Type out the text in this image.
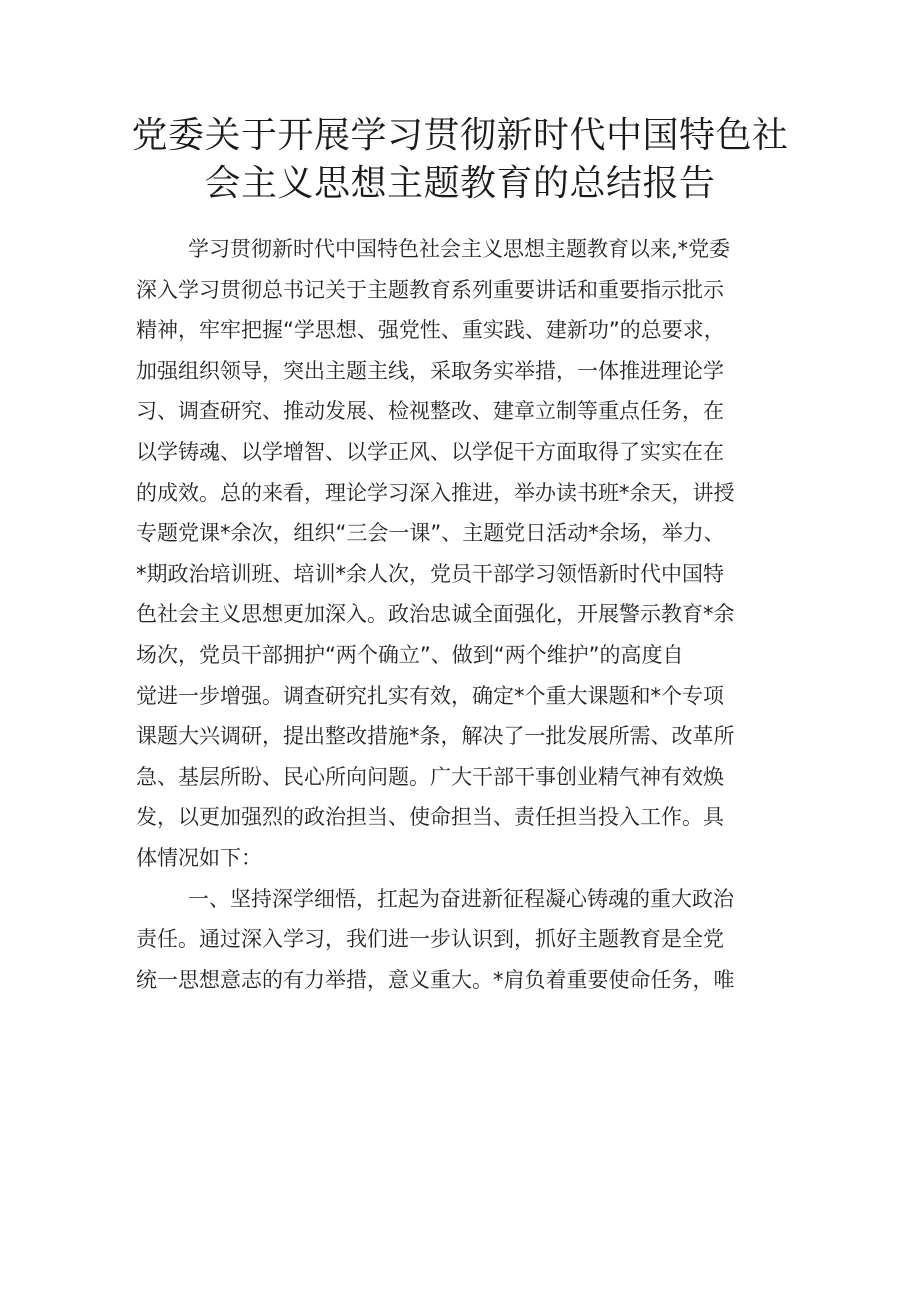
党委关于开展学习贯彻新时代中国特色社
会主义思想主题教育的总结报告
学习贯彻新时代中国特色社会主义思想主题教育以来,*党委
深入学习贯彻总书记关于主题教育系列重要讲话和重要指示批示
精神，牢牢把握“学思想、强党性、重实践、建新功”的总要求，
加强组织领导，突出主题主线，采取务实举措，一体推进理论学
习、调查研究、推动发展、检视整改、建章立制等重点任务，在
以学铸魂、以学增智、以学正风、以学促干方面取得了实实在在
的成效。总的来看，理论学习深入推进，举办读书班*余天，讲授
专题党课*余次，组织“三会一课”、主题党日活动*余场，举力、
*期政治培训班、培训*余人次，党员干部学习领悟新时代中国特
色社会主义思想更加深入。政治忠诚全面强化，开展警示教育*余
场次，党员干部拥护“两个确立”、做到“两个维护”的高度自
觉进一步增强。调查研究扎实有效，确定*个重大课题和*个专项
课题大兴调研，提出整改措施*条，解决了一批发展所需、改革所
急、基层所盼、民心所向问题。广大干部干事创业精气神有效焕
发，以更加强烈的政治担当、使命担当、责任担当投入工作。具
体情况如下：
一、坚持深学细悟，扛起为奋进新征程凝心铸魂的重大政治
责任。通过深入学习，我们进一步认识到，抓好主题教育是全党
统一思想意志的有力举措，意义重大。*肩负着重要使命任务，唯
